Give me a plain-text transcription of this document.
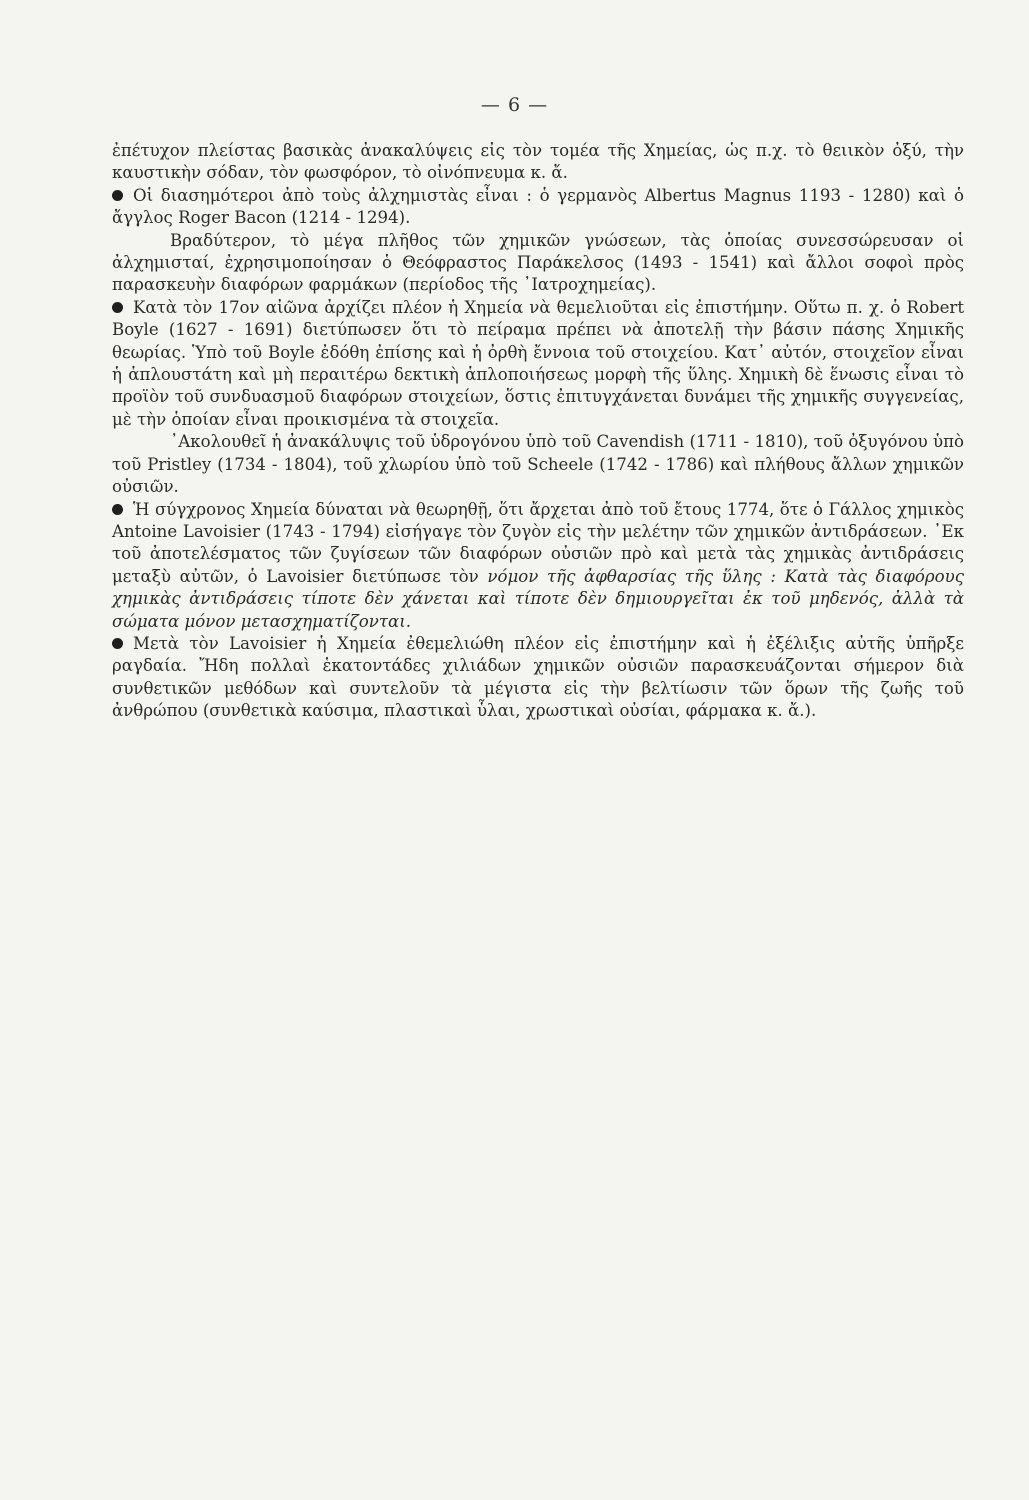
— 6 —

ἐπέτυχον πλείστας βασικὰς ἀνακαλύψεις εἰς τὸν τομέα τῆς Χημείας, ὡς π.χ. τὸ θειικὸν ὀξύ, τὴν καυστικὴν σόδαν, τὸν φωσφόρον, τὸ οἰνόπνευμα κ. ἄ.

Οἱ διασημότεροι ἀπὸ τοὺς ἀλχημιστὰς εἶναι : ὁ γερμανὸς Albertus Magnus 1193 - 1280) καὶ ὁ ἄγγλος Roger Bacon (1214 - 1294).

Βραδύτερον, τὸ μέγα πλῆθος τῶν χημικῶν γνώσεων, τὰς ὁποίας συνεσσώρευσαν οἱ ἀλχημισταί, ἐχρησιμοποίησαν ὁ Θεόφραστος Παράκελσος (1493 - 1541) καὶ ἄλλοι σοφοὶ πρὸς παρασκευὴν διαφόρων φαρμάκων (περίοδος τῆς ᾽Ιατροχημείας).

Κατὰ τὸν 17ον αἰῶνα ἀρχίζει πλέον ἡ Χημεία νὰ θεμελιοῦται εἰς ἐπιστήμην. Οὕτω π. χ. ὁ Robert Boyle (1627 - 1691) διετύπωσεν ὅτι τὸ πείραμα πρέπει νὰ ἀποτελῇ τὴν βάσιν πάσης Χημικῆς θεωρίας. Ὑπὸ τοῦ Boyle ἐδόθη ἐπίσης καὶ ἡ ὀρθὴ ἔννοια τοῦ στοιχείου. Κατ᾽ αὐτόν, στοιχεῖον εἶναι ἡ ἁπλουστάτη καὶ μὴ περαιτέρω δεκτικὴ ἁπλοποιήσεως μορφὴ τῆς ὕλης. Χημικὴ δὲ ἕνωσις εἶναι τὸ προϊὸν τοῦ συνδυασμοῦ διαφόρων στοιχείων, ὅστις ἐπιτυγχάνεται δυνάμει τῆς χημικῆς συγγενείας, μὲ τὴν ὁποίαν εἶναι προικισμένα τὰ στοιχεῖα.

᾽Ακολουθεῖ ἡ ἀνακάλυψις τοῦ ὑδρογόνου ὑπὸ τοῦ Cavendish (1711 - 1810), τοῦ ὀξυγόνου ὑπὸ τοῦ Pristley (1734 - 1804), τοῦ χλωρίου ὑπὸ τοῦ Scheele (1742 - 1786) καὶ πλήθους ἄλλων χημικῶν οὐσιῶν.

Ἡ σύγχρονος Χημεία δύναται νὰ θεωρηθῇ, ὅτι ἄρχεται ἀπὸ τοῦ ἔτους 1774, ὅτε ὁ Γάλλος χημικὸς Antoine Lavoisier (1743 - 1794) εἰσήγαγε τὸν ζυγὸν εἰς τὴν μελέτην τῶν χημικῶν ἀντιδράσεων. ᾽Εκ τοῦ ἀποτελέσματος τῶν ζυγίσεων τῶν διαφόρων οὐσιῶν πρὸ καὶ μετὰ τὰς χημικὰς ἀντιδράσεις μεταξὺ αὐτῶν, ὁ Lavoisier διετύπωσε τὸν νόμον τῆς ἀφθαρσίας τῆς ὕλης : Κατὰ τὰς διαφόρους χημικὰς ἀντιδράσεις τίποτε δὲν χάνεται καὶ τίποτε δὲν δημιουργεῖται ἐκ τοῦ μηδενός, ἀλλὰ τὰ σώματα μόνον μετασχηματίζονται.

Μετὰ τὸν Lavoisier ἡ Χημεία ἐθεμελιώθη πλέον εἰς ἐπιστήμην καὶ ἡ ἐξέλιξις αὐτῆς ὑπῆρξε ραγδαία. Ἤδη πολλαὶ ἑκατοντάδες χιλιάδων χημικῶν οὐσιῶν παρασκευάζονται σήμερον διὰ συνθετικῶν μεθόδων καὶ συντελοῦν τὰ μέγιστα εἰς τὴν βελτίωσιν τῶν ὅρων τῆς ζωῆς τοῦ ἀνθρώπου (συνθετικὰ καύσιμα, πλαστικαὶ ὗλαι, χρωστικαὶ οὐσίαι, φάρμακα κ. ἄ.).
